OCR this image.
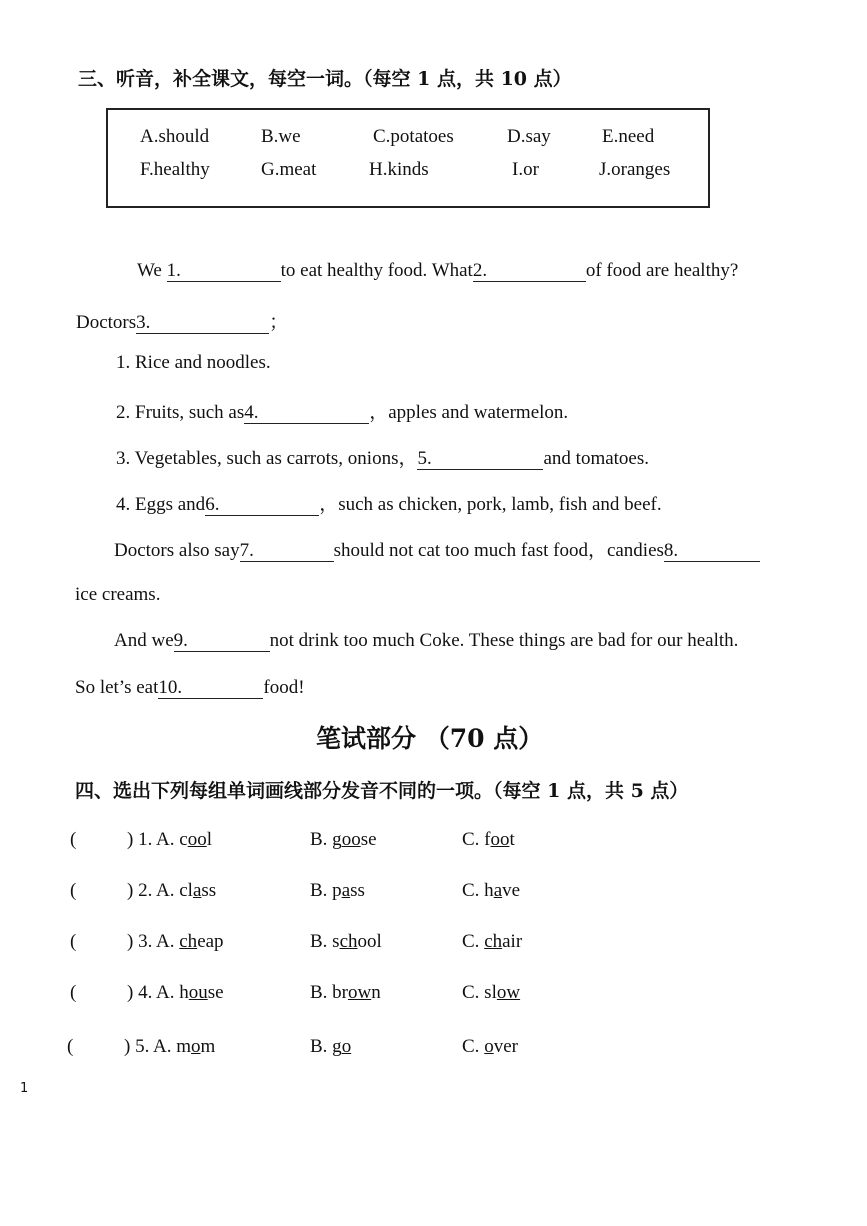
三、听音，补全课文，每空一词。（每空 1 点，共 10 点）
A.should	B.we	C.potatoes	D.say	E.need
F.healthy	G.meat	H.kinds	I.or	J.oranges
We 1.	to eat healthy food. What2.	of food are healthy?
Doctors3.	；
1. Rice and noodles.
2. Fruits, such as4.	，apples and watermelon.
3. Vegetables, such as carrots, onions，5.	and tomatoes.
4. Eggs and6.	，such as chicken, pork, lamb, fish and beef.
Doctors also say7.	should not cat too much fast food，candies8.
ice creams.
And we9.	not drink too much Coke. These things are bad for our health.
So let’s eat10.	food!
笔试部分 （70 点）
四、选出下列每组单词画线部分发音不同的一项。（每空 1 点，共 5 点）
(	) 1. A. cool	B. goose	C. foot
(	) 2. A. class	B. pass	C. have
(	) 3. A. cheap	B. school	C. chair
(	) 4. A. house	B. brown	C. slow
(	) 5. A. mom	B. go	C. over
1
